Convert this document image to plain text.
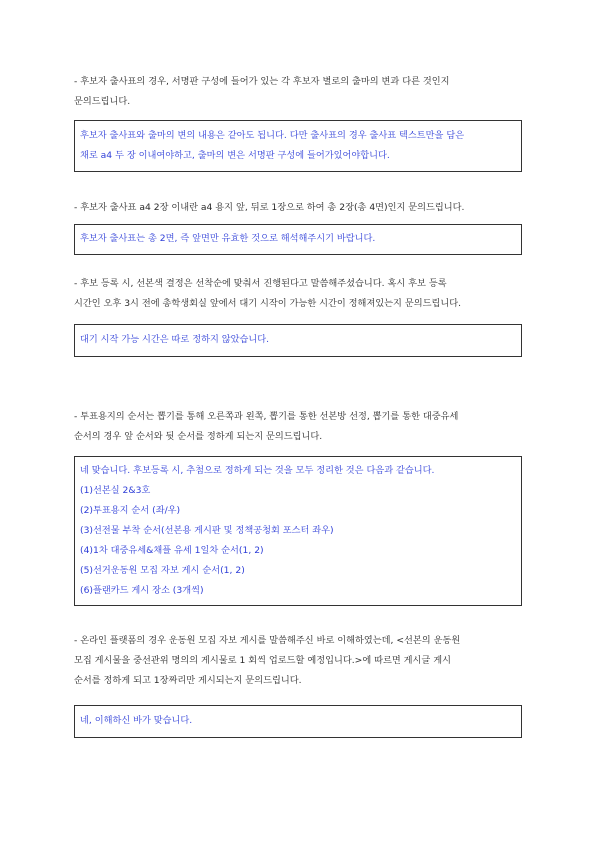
- 후보자 출사표의 경우, 서명판 구성에 들어가 있는 각 후보자 별로의 출마의 변과 다른 것인지
문의드립니다.
후보자 출사표와 출마의 변의 내용은 같아도 됩니다. 다만 출사표의 경우 출사표 텍스트만을 담은
채로 a4 두 장 이내여야하고, 출마의 변은 서명판 구성에 들어가있어야합니다.
- 후보자 출사표 a4 2장 이내란 a4 용지 앞, 뒤로 1장으로 하여 총 2장(총 4면)인지 문의드립니다.
후보자 출사표는 총 2면, 즉 앞면만 유효한 것으로 해석해주시기 바랍니다.
- 후보 등록 시, 선본색 결정은 선착순에 맞춰서 진행된다고 말씀해주셨습니다. 혹시 후보 등록
시간인 오후 3시 전에 총학생회실 앞에서 대기 시작이 가능한 시간이 정해져있는지 문의드립니다.
대기 시작 가능 시간은 따로 정하지 않았습니다.
- 투표용지의 순서는 뽑기를 통해 오른쪽과 왼쪽, 뽑기를 통한 선본방 선정, 뽑기를 통한 대중유세
순서의 경우 앞 순서와 뒷 순서를 정하게 되는지 문의드립니다.
네 맞습니다. 후보등록 시, 추첨으로 정하게 되는 것을 모두 정리한 것은 다음과 같습니다.
(1)선본실 2&3호
(2)투표용지 순서 (좌/우)
(3)선전물 부착 순서(선본용 게시판 및 정책공청회 포스터 좌우)
(4)1차 대중유세&채플 유세 1일차 순서(1, 2)
(5)선거운동원 모집 자보 게시 순서(1, 2)
(6)플랜카드 게시 장소 (3개씩)
- 온라인 플랫폼의 경우 운동원 모집 자보 게시를 말씀해주신 바로 이해하였는데, <선본의 운동원
모집 게시물을 중선관위 명의의 게시물로 1 회씩 업로드할 예정입니다.>에 따르면 게시글 게시
순서를 정하게 되고 1장짜리만 게시되는지 문의드립니다.
네, 이해하신 바가 맞습니다.
